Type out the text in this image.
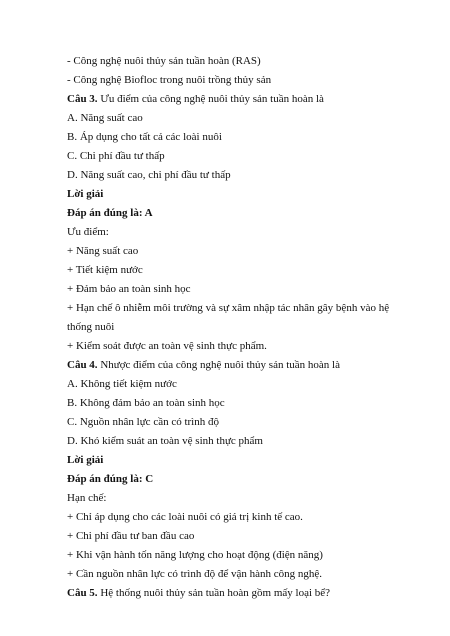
- Công nghệ nuôi thủy sản tuần hoàn (RAS)
- Công nghệ Biofloc trong nuôi trồng thủy sản
Câu 3. Ưu điểm của công nghệ nuôi thủy sản tuần hoàn là
A. Năng suất cao
B. Áp dụng cho tất cả các loài nuôi
C. Chi phí đầu tư thấp
D. Năng suất cao, chi phí đầu tư thấp
Lời giải
Đáp án đúng là: A
Ưu điểm:
+ Năng suất cao
+ Tiết kiệm nước
+ Đảm bảo an toàn sinh học
+ Hạn chế ô nhiễm môi trường và sự xâm nhập tác nhân gây bệnh vào hệ
thống nuôi
+ Kiểm soát được an toàn vệ sinh thực phẩm.
Câu 4. Nhược điểm của công nghệ nuôi thủy sản tuần hoàn là
A. Không tiết kiệm nước
B. Không đảm bảo an toàn sinh học
C. Nguồn nhân lực cần có trình độ
D. Khó kiểm suát an toàn vệ sinh thực phẩm
Lời giải
Đáp án đúng là: C
Hạn chế:
+ Chỉ áp dụng cho các loài nuôi có giá trị kinh tế cao.
+ Chi phí đầu tư ban đầu cao
+ Khi vận hành tốn năng lượng cho hoạt động (điện năng)
+ Cần nguồn nhân lực có trình độ để vận hành công nghệ.
Câu 5. Hệ thống nuôi thủy sản tuần hoàn gồm mấy loại bể?
